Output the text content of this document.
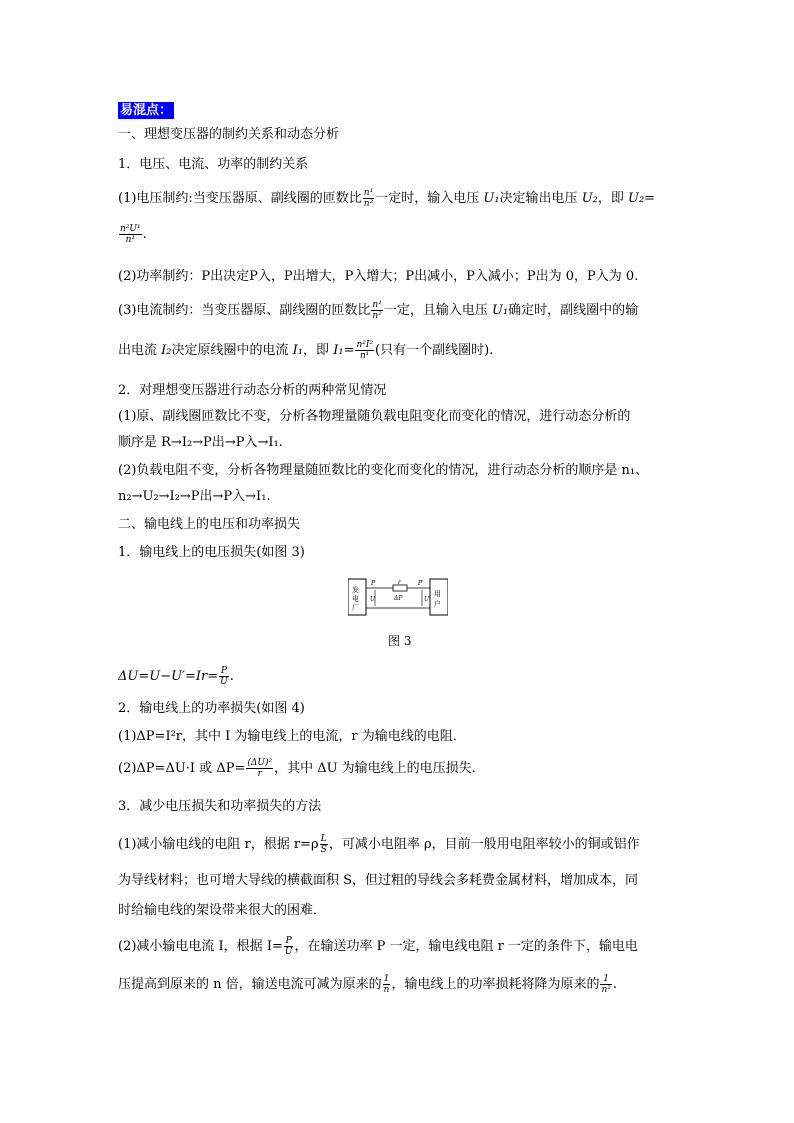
易混点：
一、理想变压器的制约关系和动态分析
1．电压、电流、功率的制约关系
(1)电压制约:当变压器原、副线圈的匝数比 $\frac{\text{n¹}}{\text{n²}}$ 一定时，输入电压 U₁决定输出电压 U₂，即 U₂=
$\frac{\text{n²U¹}}{\text{n¹}}$ .
(2)功率制约：P出决定P入，P出增大，P入增大；P出减小，P入减小；P出为 0，P入为 0.
(3)电流制约：当变压器原、副线圈的匝数比 $\frac{\text{n¹}}{\text{n²}}$ 一定，且输入电压 U₁确定时，副线圈中的输
出电流 I₂决定原线圈中的电流 I₁，即 $I_1= \frac{\text{n²I²}}{\text{n¹}}$ (只有一个副线圈时).
2．对理想变压器进行动态分析的两种常见情况
(1)原、副线圈匝数比不变，分析各物理量随负载电阻变化而变化的情况，进行动态分析的
顺序是 R→I₂→P出→P入→I₁.
(2)负载电阻不变，分析各物理量随匝数比的变化而变化的情况，进行动态分析的顺序是 n₁、
n₂→U₂→I₂→P出→P入→I₁.
二、输电线上的电压和功率损失
1．输电线上的电压损失(如图 3)
发
电
厂
用
户
P	r	P′
U	ΔP	U′
图 3
$\Delta U=U-U'=Ir= \frac{P}{U}$ .
2．输电线上的功率损失(如图 4)
(1)ΔP=I²r，其中 I 为输电线上的电流，r 为输电线的电阻．
(2)ΔP=ΔU·I 或 $\Delta P= \frac{\text{(ΔU)²}}{r}$ ，其中 ΔU 为输电线上的电压损失．
3．减少电压损失和功率损失的方法
(1)减小输电线的电阻 r，根据 $r=\rho \frac{L}{S}$ ，可减小电阻率 ρ，目前一般用电阻率较小的铜或铝作
为导线材料；也可增大导线的横截面积 S，但过粗的导线会多耗费金属材料，增加成本，同
时给输电线的架设带来很大的困难．
(2)减小输电电流 I，根据 $I= \frac{P}{U}$ ，在输送功率 P 一定，输电线电阻 r 一定的条件下，输电电
压提高到原来的 n 倍，输送电流可减为原来的 $\frac{1}{n}$ ，输电线上的功率损耗将降为原来的 $\frac{1}{\text{n²}}$ .
